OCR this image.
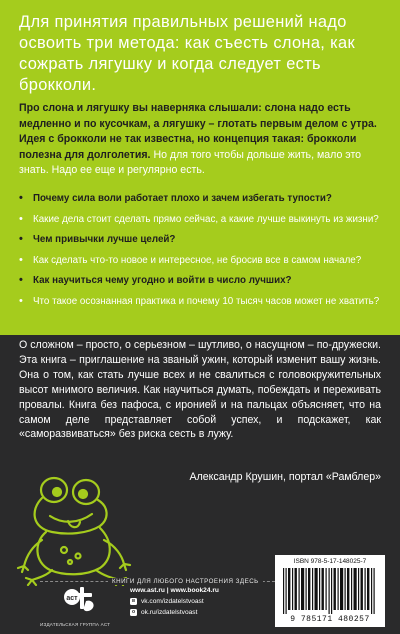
Для принятия правильных решений надо освоить три метода: как съесть слона, как сожрать лягушку и когда следует есть брокколи.

Про слона и лягушку вы наверняка слышали: слона надо есть медленно и по кусочкам, а лягушку – глотать первым делом с утра. Идея с брокколи не так известна, но концепция такая: брокколи полезна для долголетия. Но для того чтобы дольше жить, мало это знать. Надо ее еще и регулярно есть.

• Почему сила воли работает плохо и зачем избегать тупости?
• Какие дела стоит сделать прямо сейчас, а какие лучше выкинуть из жизни?
• Чем привычки лучше целей?
• Как сделать что-то новое и интересное, не бросив все в самом начале?
• Как научиться чему угодно и войти в число лучших?
• Что такое осознанная практика и почему 10 тысяч часов может не хватить?

О сложном – просто, о серьезном – шутливо, о насущном – по-дружески. Эта книга – приглашение на званый ужин, который изменит вашу жизнь. Она о том, как стать лучше всех и не свалиться с головокружительных высот мнимого величия. Как научиться думать, побеждать и переживать провалы. Книга без пафоса, с иронией и на пальцах объясняет, что на самом деле представляет собой успех, и подскажет, как «саморазвиваться» без риска сесть в лужу.

Александр Крушин, портал «Рамблер»

КНИГИ ДЛЯ ЛЮБОГО НАСТРОЕНИЯ ЗДЕСЬ

аст

ИЗДАТЕЛЬСКАЯ ГРУППА АСТ

www.ast.ru | www.book24.ru
в vk.com/izdatelstvoast
о ok.ru/izdatelstvoast

ISBN 978-5-17-148025-7

9 785171 480257
